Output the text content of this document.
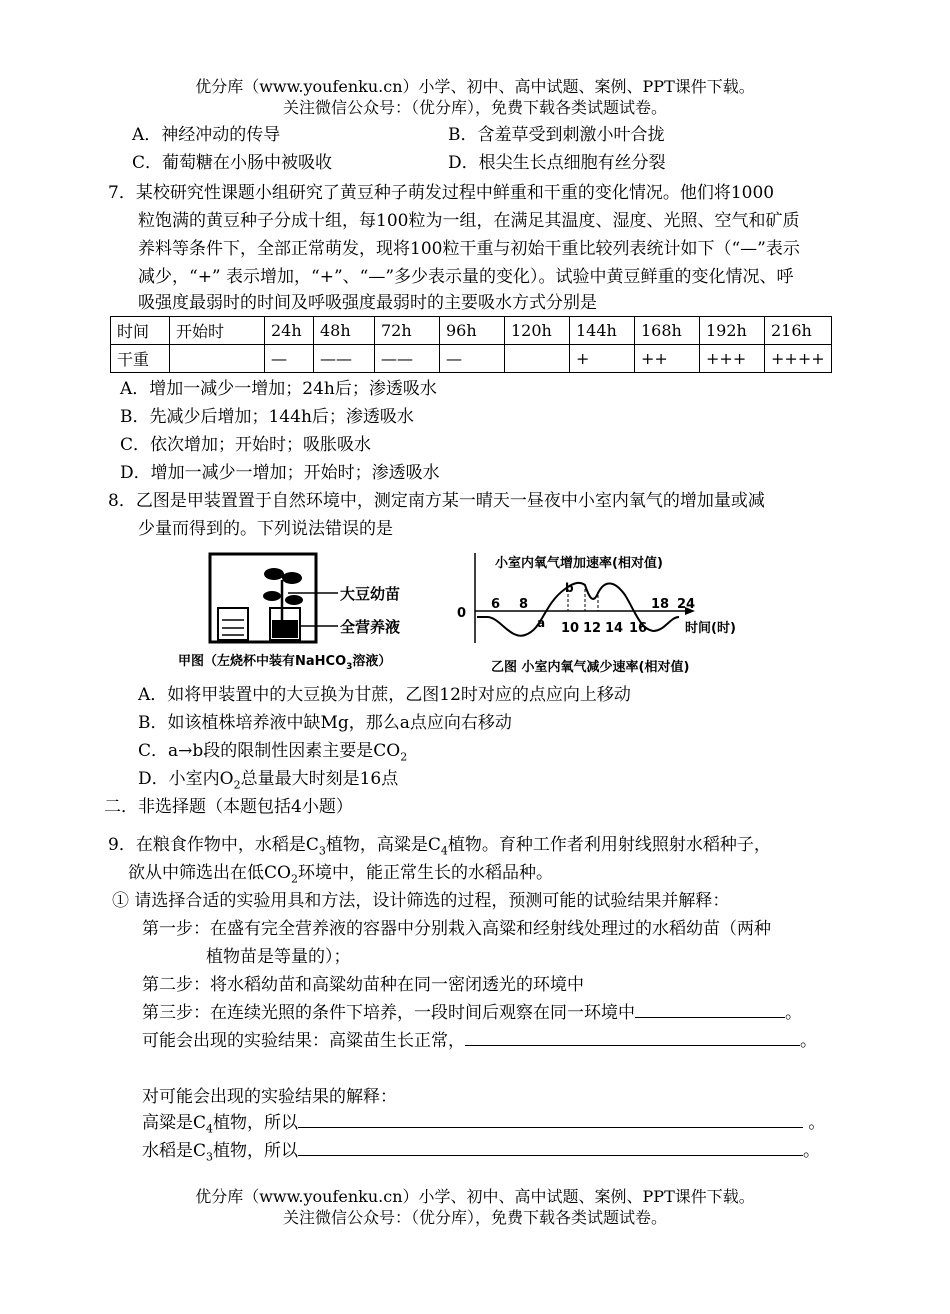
优分库（www.youfenku.cn）小学、初中、高中试题、案例、PPT课件下载。
关注微信公众号：（优分库），免费下载各类试题试卷。
A．神经冲动的传导	B．含羞草受到刺激小叶合拢
C．葡萄糖在小肠中被吸收	D．根尖生长点细胞有丝分裂
7．某校研究性课题小组研究了黄豆种子萌发过程中鲜重和干重的变化情况。他们将1000
粒饱满的黄豆种子分成十组，每100粒为一组，在满足其温度、湿度、光照、空气和矿质
养料等条件下，全部正常萌发，现将100粒干重与初始干重比较列表统计如下（“—”表示
减少，“+” 表示增加，“+”、“—”多少表示量的变化）。试验中黄豆鲜重的变化情况、呼
吸强度最弱时的时间及呼吸强度最弱时的主要吸水方式分别是
时间	开始时	24h	48h	72h	96h	120h	144h	168h	192h	216h
干重		—	——	——	—		+	++	+++	++++
A．增加一减少一增加；24h后；渗透吸水
B．先减少后增加；144h后；渗透吸水
C．依次增加；开始时；吸胀吸水
D．增加一减少一增加；开始时；渗透吸水
8．乙图是甲装置置于自然环境中，测定南方某一晴天一昼夜中小室内氧气的增加量或减
少量而得到的。下列说法错误的是
大豆幼苗
全营养液
甲图（左烧杯中装有NaHCO$_3$溶液）
小室内氧气增加速率(相对值)
0
6 8	18 24
10 12 14 16
a
b
时间(时)
乙图 小室内氧气减少速率(相对值)
A．如将甲装置中的大豆换为甘蔗，乙图12时对应的点应向上移动
B．如该植株培养液中缺Mg，那么a点应向右移动
C．a→b段的限制性因素主要是$CO_2$
D．小室内$O_2$总量最大时刻是16点
二．非选择题（本题包括4小题）
9．在粮食作物中，水稻是$C_3$植物，高粱是$C_4$植物。育种工作者利用射线照射水稻种子，
欲从中筛选出在低$CO_2$环境中，能正常生长的水稻品种。
① 请选择合适的实验用具和方法，设计筛选的过程，预测可能的试验结果并解释：
第一步：在盛有完全营养液的容器中分别栽入高粱和经射线处理过的水稻幼苗（两种
植物苗是等量的）；
第二步：将水稻幼苗和高粱幼苗种在同一密闭透光的环境中
第三步：在连续光照的条件下培养，一段时间后观察在同一环境中	。
可能会出现的实验结果：高粱苗生长正常，	。
对可能会出现的实验结果的解释：
高粱是$C_4$植物，所以	。
水稻是$C_3$植物，所以	。
优分库（www.youfenku.cn）小学、初中、高中试题、案例、PPT课件下载。
关注微信公众号：（优分库），免费下载各类试题试卷。
